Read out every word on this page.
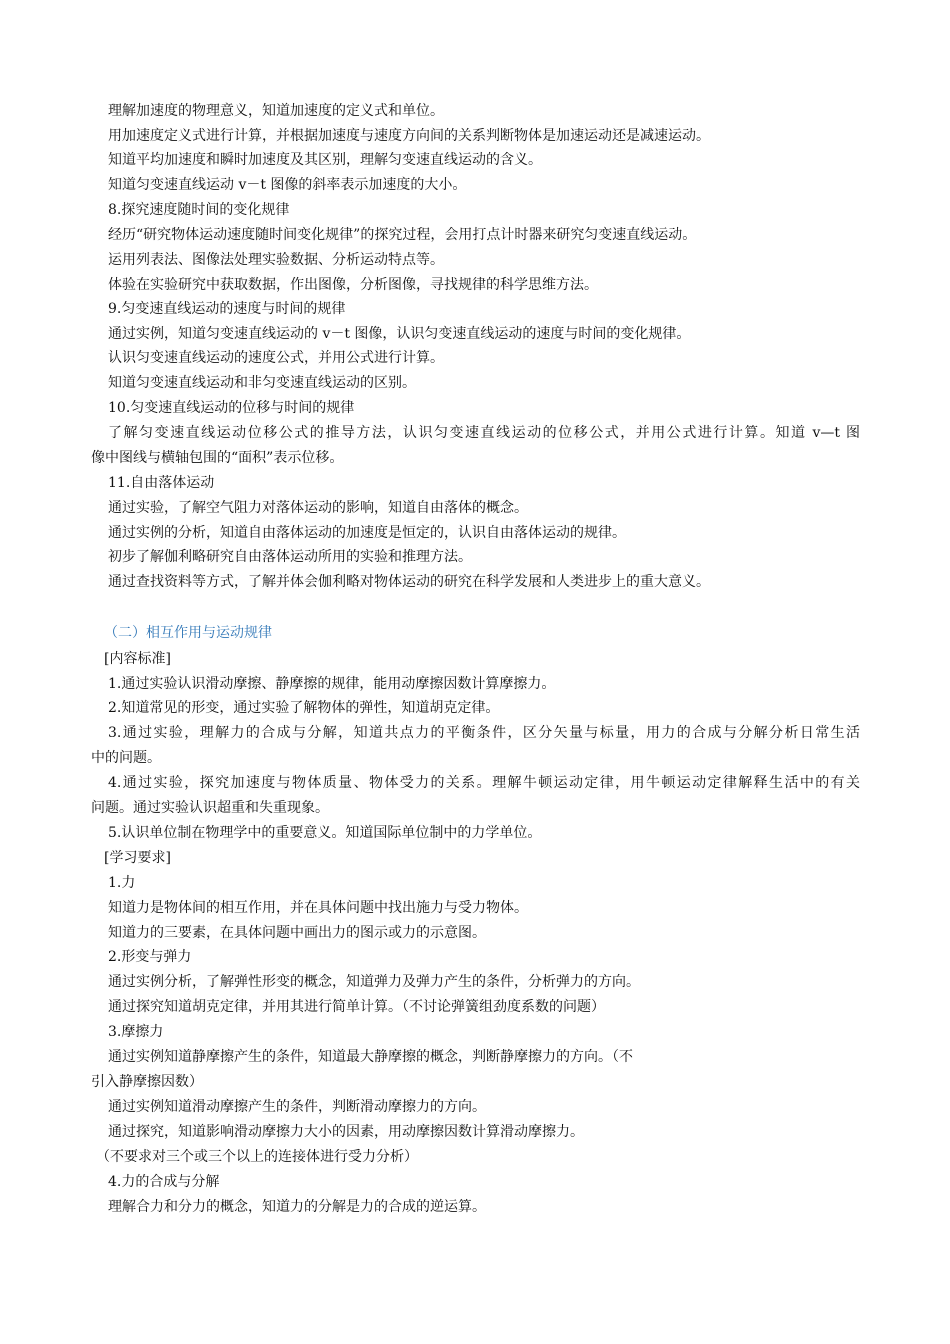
理解加速度的物理意义，知道加速度的定义式和单位。
用加速度定义式进行计算，并根据加速度与速度方向间的关系判断物体是加速运动还是减速运动。
知道平均加速度和瞬时加速度及其区别，理解匀变速直线运动的含义。
知道匀变速直线运动 v－t 图像的斜率表示加速度的大小。
8.探究速度随时间的变化规律
经历“研究物体运动速度随时间变化规律”的探究过程，会用打点计时器来研究匀变速直线运动。
运用列表法、图像法处理实验数据、分析运动特点等。
体验在实验研究中获取数据，作出图像，分析图像，寻找规律的科学思维方法。
9.匀变速直线运动的速度与时间的规律
通过实例，知道匀变速直线运动的 v－t 图像，认识匀变速直线运动的速度与时间的变化规律。
认识匀变速直线运动的速度公式，并用公式进行计算。
知道匀变速直线运动和非匀变速直线运动的区别。
10.匀变速直线运动的位移与时间的规律
了解匀变速直线运动位移公式的推导方法，认识匀变速直线运动的位移公式，并用公式进行计算。知道 v—t 图
像中图线与横轴包围的“面积”表示位移。
11.自由落体运动
通过实验，了解空气阻力对落体运动的影响，知道自由落体的概念。
通过实例的分析，知道自由落体运动的加速度是恒定的，认识自由落体运动的规律。
初步了解伽利略研究自由落体运动所用的实验和推理方法。
通过查找资料等方式，了解并体会伽利略对物体运动的研究在科学发展和人类进步上的重大意义。
（二）相互作用与运动规律
[内容标准]
1.通过实验认识滑动摩擦、静摩擦的规律，能用动摩擦因数计算摩擦力。
2.知道常见的形变，通过实验了解物体的弹性，知道胡克定律。
3.通过实验，理解力的合成与分解，知道共点力的平衡条件，区分矢量与标量，用力的合成与分解分析日常生活
中的问题。
4.通过实验，探究加速度与物体质量、物体受力的关系。理解牛顿运动定律，用牛顿运动定律解释生活中的有关
问题。通过实验认识超重和失重现象。
5.认识单位制在物理学中的重要意义。知道国际单位制中的力学单位。
[学习要求]
1.力
知道力是物体间的相互作用，并在具体问题中找出施力与受力物体。
知道力的三要素，在具体问题中画出力的图示或力的示意图。
2.形变与弹力
通过实例分析，了解弹性形变的概念，知道弹力及弹力产生的条件，分析弹力的方向。
通过探究知道胡克定律，并用其进行简单计算。（不讨论弹簧组劲度系数的问题）
3.摩擦力
通过实例知道静摩擦产生的条件，知道最大静摩擦的概念，判断静摩擦力的方向。（不
引入静摩擦因数）
通过实例知道滑动摩擦产生的条件，判断滑动摩擦力的方向。
通过探究，知道影响滑动摩擦力大小的因素，用动摩擦因数计算滑动摩擦力。
（不要求对三个或三个以上的连接体进行受力分析）
4.力的合成与分解
理解合力和分力的概念，知道力的分解是力的合成的逆运算。
